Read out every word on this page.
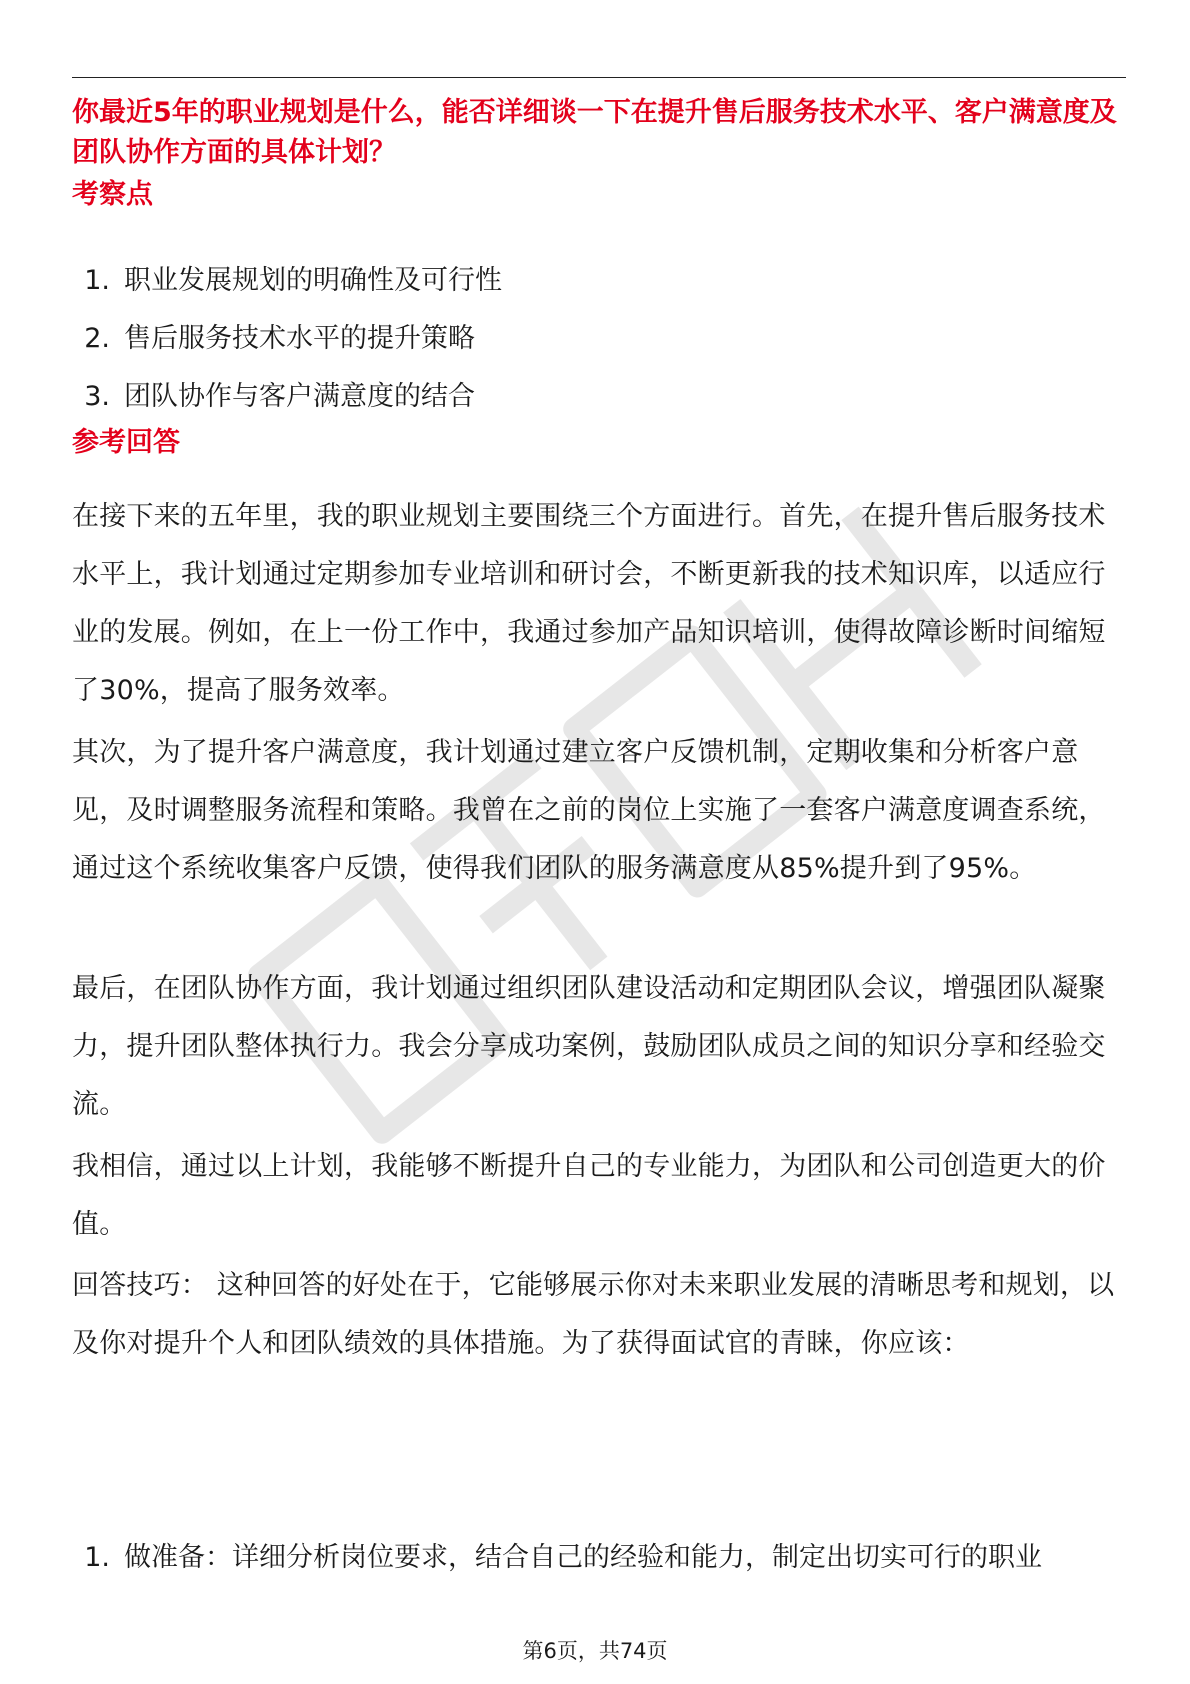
你最近5年的职业规划是什么，能否详细谈一下在提升售后服务技术水平、客户满意度及团队协作方面的具体计划？
考察点
1. 职业发展规划的明确性及可行性
2. 售后服务技术水平的提升策略
3. 团队协作与客户满意度的结合
参考回答

在接下来的五年里，我的职业规划主要围绕三个方面进行。首先，在提升售后服务技术水平上，我计划通过定期参加专业培训和研讨会，不断更新我的技术知识库，以适应行业的发展。例如，在上一份工作中，我通过参加产品知识培训，使得故障诊断时间缩短了30%，提高了服务效率。

其次，为了提升客户满意度，我计划通过建立客户反馈机制，定期收集和分析客户意见，及时调整服务流程和策略。我曾在之前的岗位上实施了一套客户满意度调查系统，通过这个系统收集客户反馈，使得我们团队的服务满意度从85%提升到了95%。

最后，在团队协作方面，我计划通过组织团队建设活动和定期团队会议，增强团队凝聚力，提升团队整体执行力。我会分享成功案例，鼓励团队成员之间的知识分享和经验交流。

我相信，通过以上计划，我能够不断提升自己的专业能力，为团队和公司创造更大的价值。

回答技巧： 这种回答的好处在于，它能够展示你对未来职业发展的清晰思考和规划，以及你对提升个人和团队绩效的具体措施。为了获得面试官的青睐，你应该：

1. 做准备：详细分析岗位要求，结合自己的经验和能力，制定出切实可行的职业
第6页，共74页
